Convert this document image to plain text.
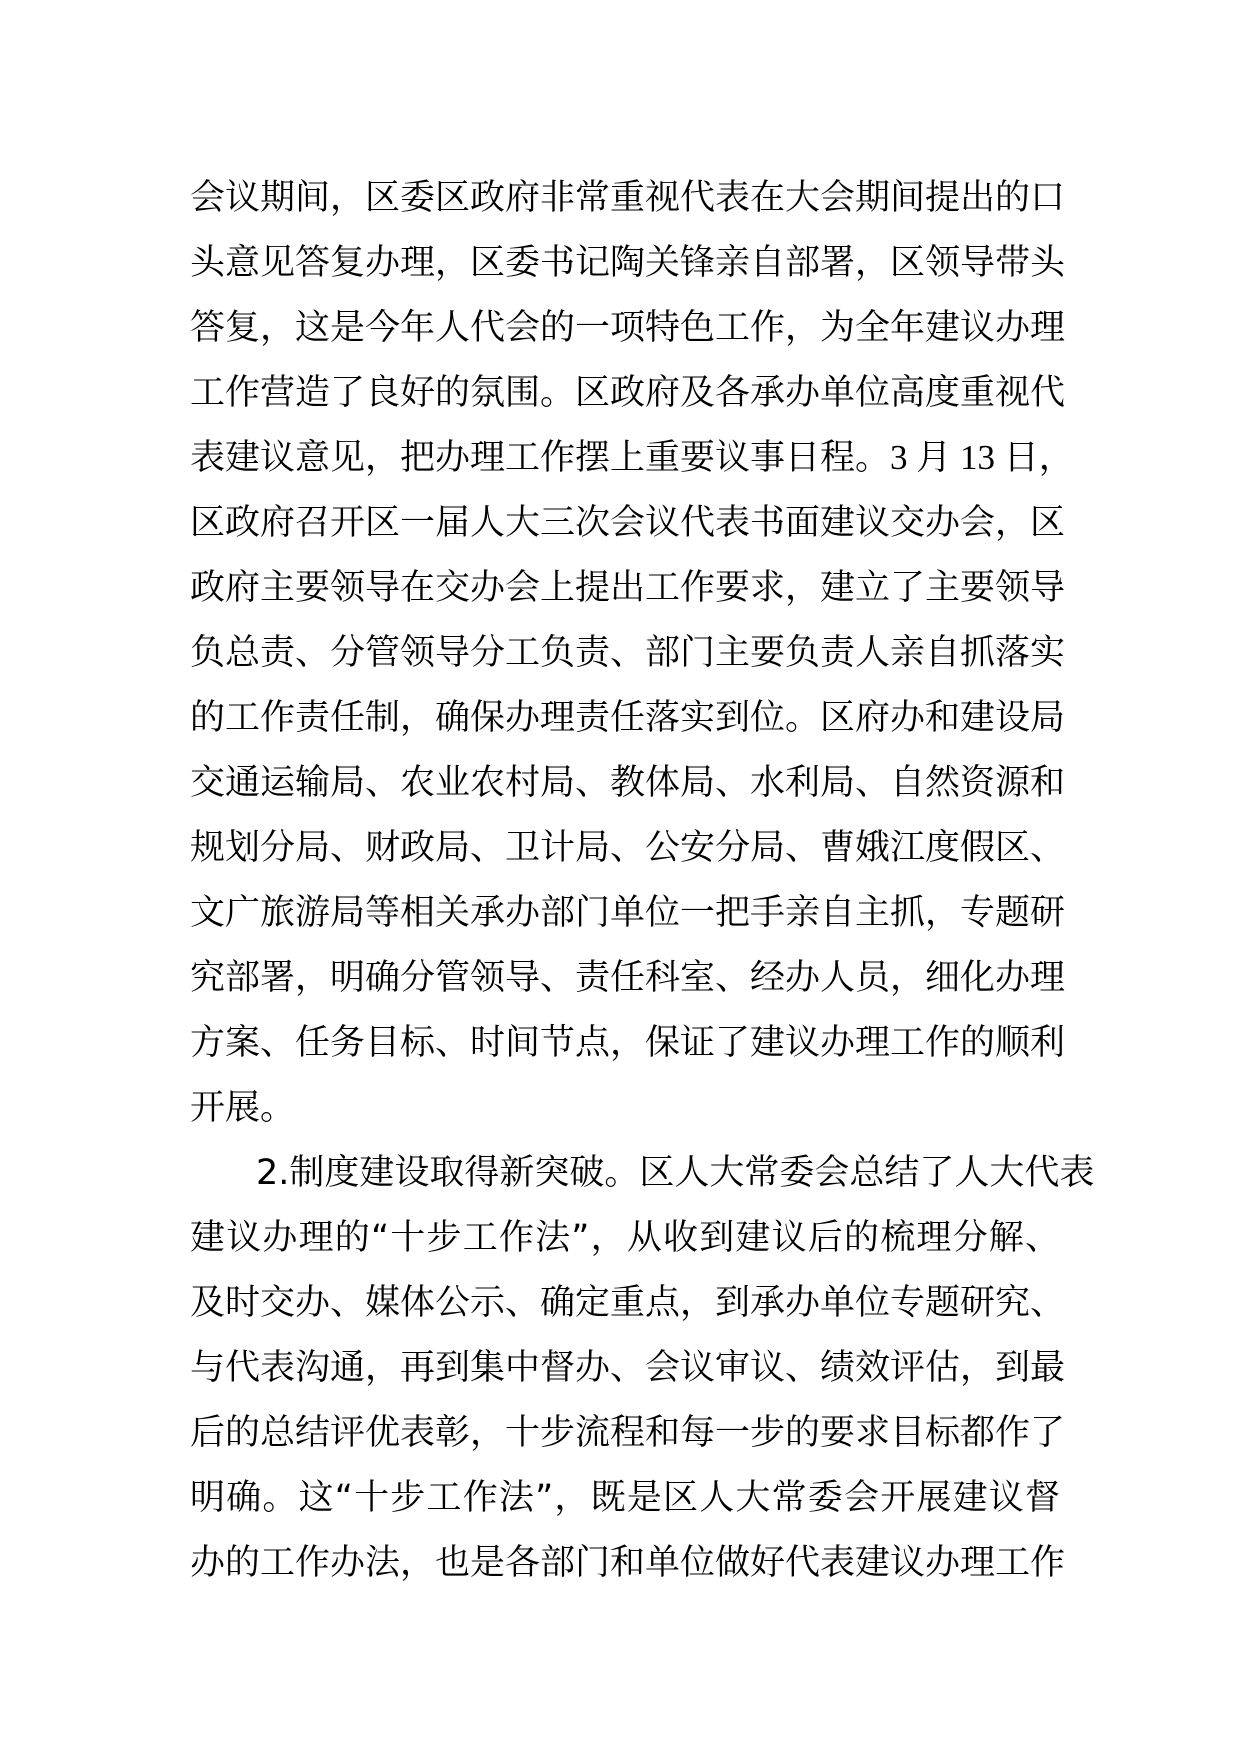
会议期间，区委区政府非常重视代表在大会期间提出的口
头意见答复办理，区委书记陶关锋亲自部署，区领导带头
答复，这是今年人代会的一项特色工作，为全年建议办理
工作营造了良好的氛围。区政府及各承办单位高度重视代
表建议意见，把办理工作摆上重要议事日程。3 月 13 日，
区政府召开区一届人大三次会议代表书面建议交办会，区
政府主要领导在交办会上提出工作要求，建立了主要领导
负总责、分管领导分工负责、部门主要负责人亲自抓落实
的工作责任制，确保办理责任落实到位。区府办和建设局
交通运输局、农业农村局、教体局、水利局、自然资源和
规划分局、财政局、卫计局、公安分局、曹娥江度假区、
文广旅游局等相关承办部门单位一把手亲自主抓，专题研
究部署，明确分管领导、责任科室、经办人员，细化办理
方案、任务目标、时间节点，保证了建议办理工作的顺利
开展。
2.制度建设取得新突破。区人大常委会总结了人大代表
建议办理的“十步工作法”，从收到建议后的梳理分解、
及时交办、媒体公示、确定重点，到承办单位专题研究、
与代表沟通，再到集中督办、会议审议、绩效评估，到最
后的总结评优表彰，十步流程和每一步的要求目标都作了
明确。这“十步工作法”，既是区人大常委会开展建议督
办的工作办法，也是各部门和单位做好代表建议办理工作
